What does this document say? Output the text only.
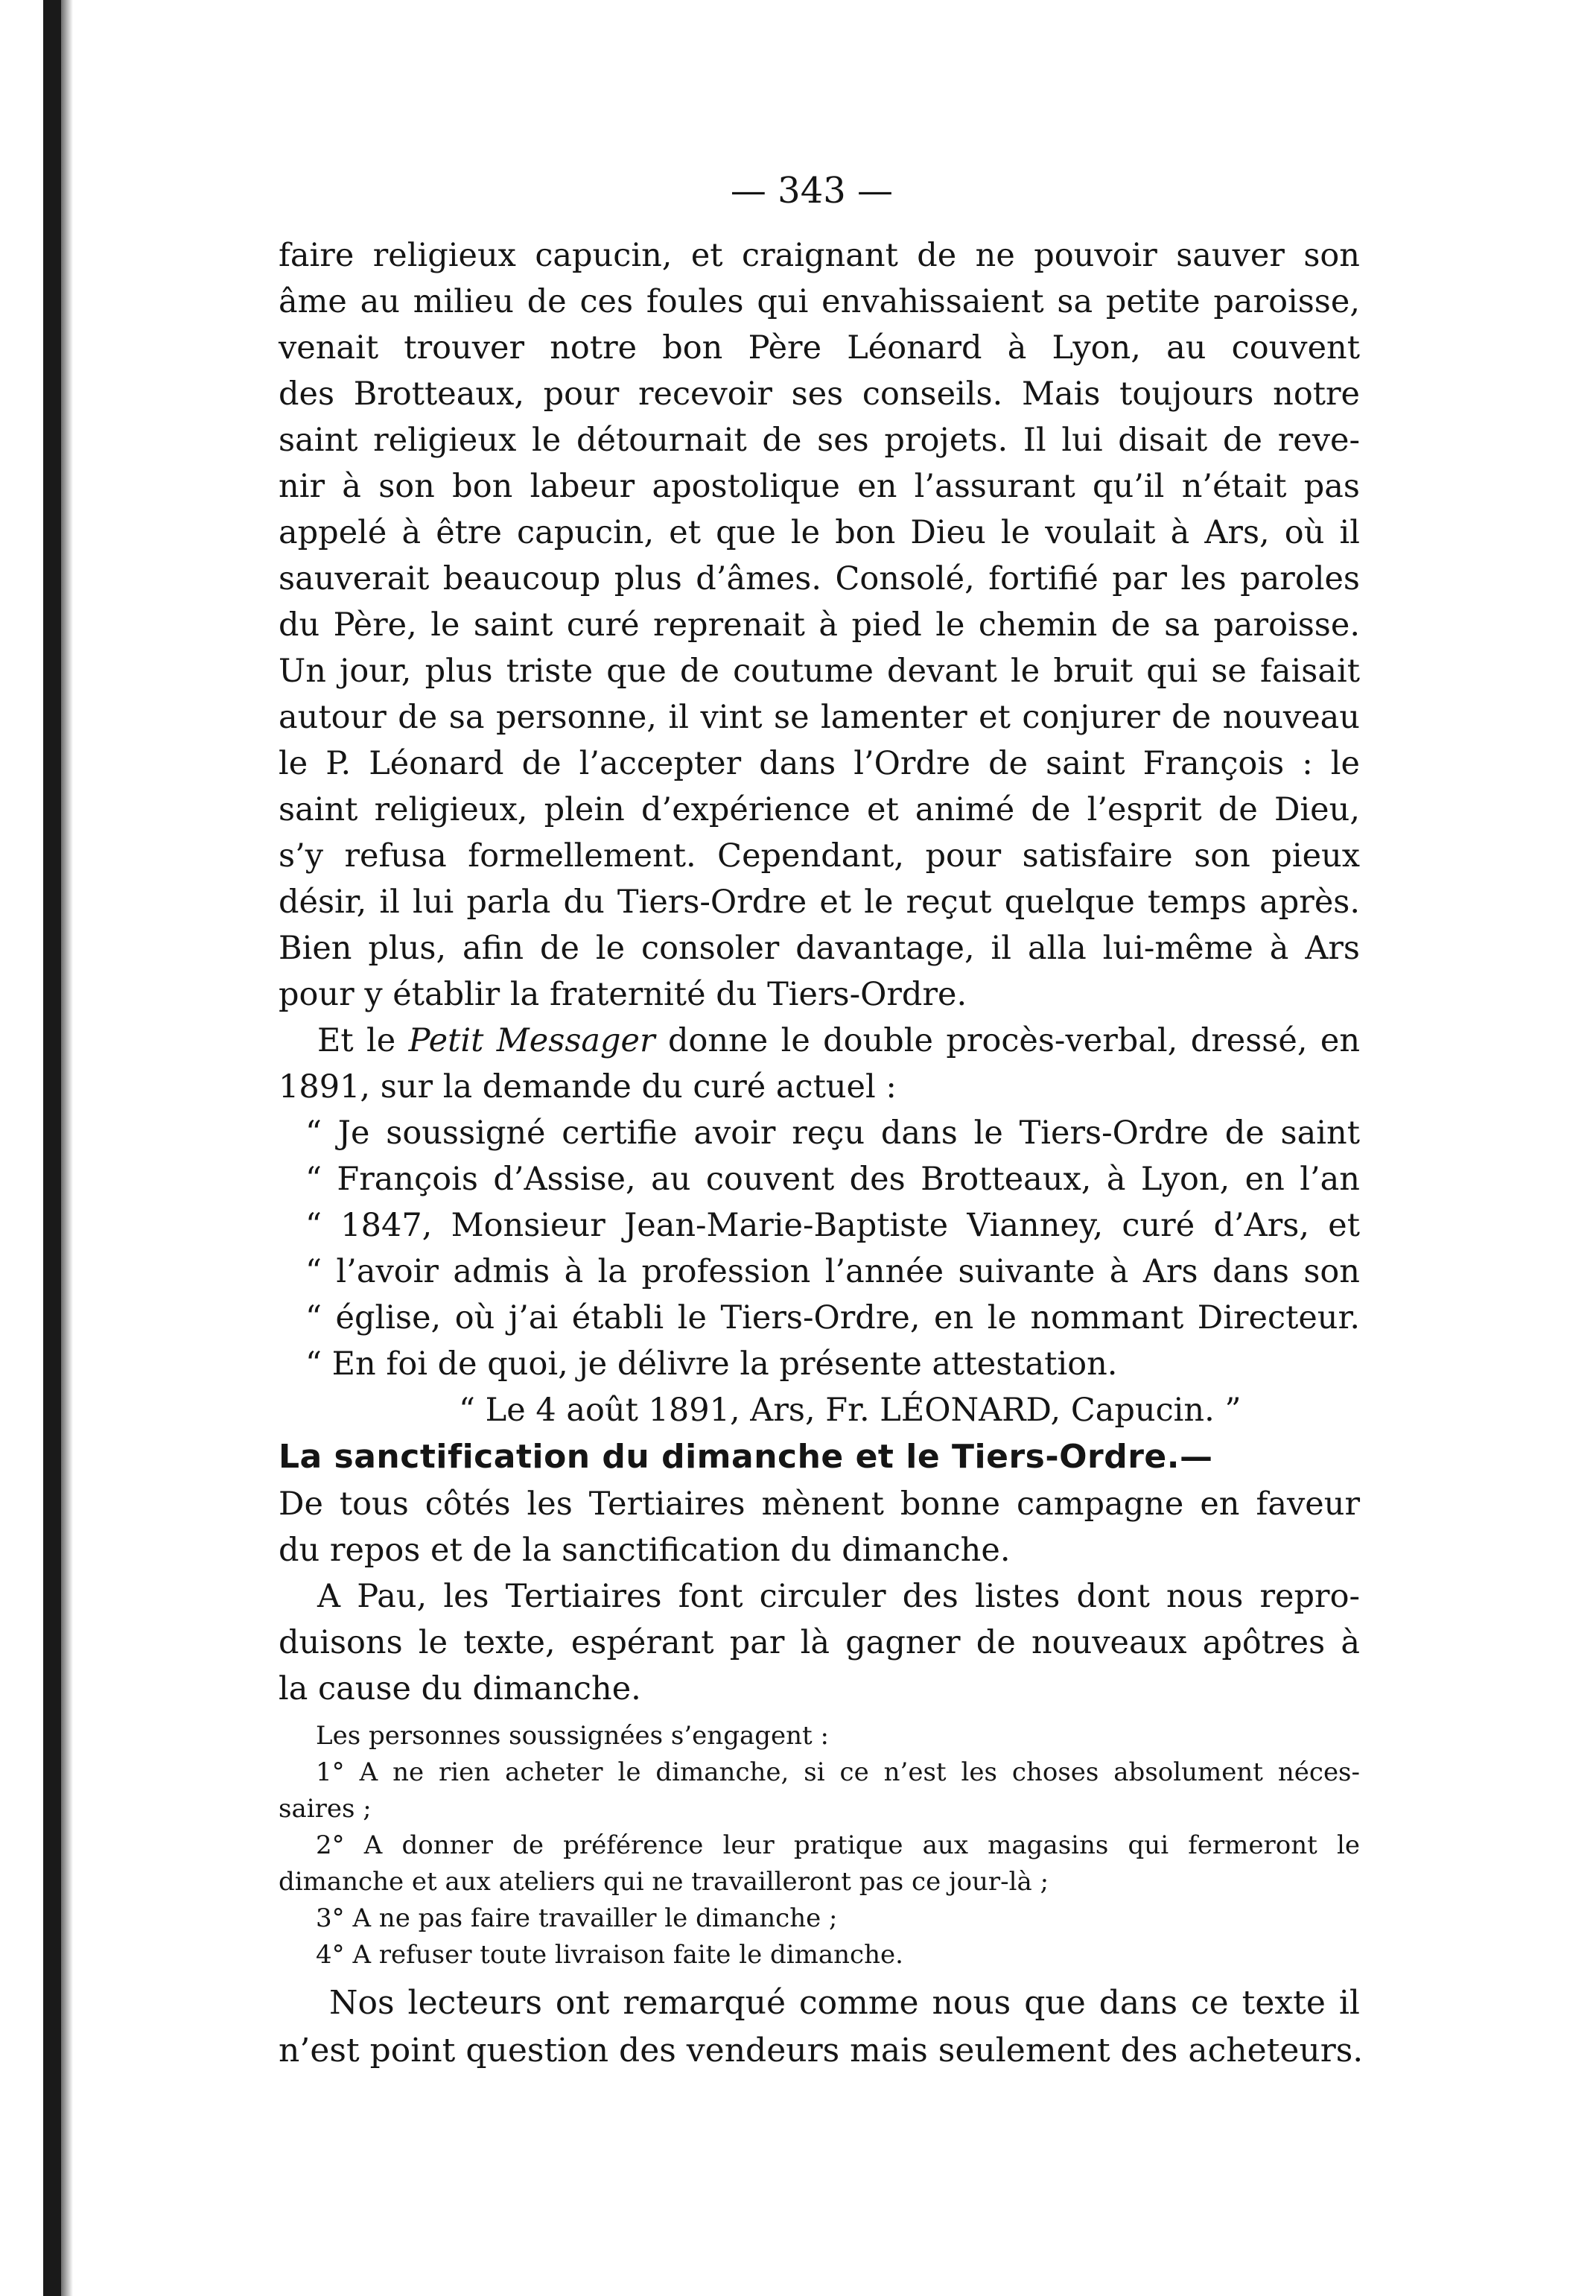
— 343 —

faire religieux capucin, et craignant de ne pouvoir sauver son

âme au milieu de ces foules qui envahissaient sa petite paroisse,

venait trouver notre bon Père Léonard à Lyon, au couvent

des Brotteaux, pour recevoir ses conseils. Mais toujours notre

saint religieux le détournait de ses projets. Il lui disait de reve-

nir à son bon labeur apostolique en l’assurant qu’il n’était pas

appelé à être capucin, et que le bon Dieu le voulait à Ars, où il

sauverait beaucoup plus d’âmes. Consolé, fortifié par les paroles

du Père, le saint curé reprenait à pied le chemin de sa paroisse.

Un jour, plus triste que de coutume devant le bruit qui se faisait

autour de sa personne, il vint se lamenter et conjurer de nouveau

le P. Léonard de l’accepter dans l’Ordre de saint François : le

saint religieux, plein d’expérience et animé de l’esprit de Dieu,

s’y refusa formellement. Cependant, pour satisfaire son pieux

désir, il lui parla du Tiers-Ordre et le reçut quelque temps après.

Bien plus, afin de le consoler davantage, il alla lui-même à Ars

pour y établir la fraternité du Tiers-Ordre.

Et le Petit Messager donne le double procès-verbal, dressé, en

1891, sur la demande du curé actuel :

“ Je soussigné certifie avoir reçu dans le Tiers-Ordre de saint

“ François d’Assise, au couvent des Brotteaux, à Lyon, en l’an

“ 1847, Monsieur Jean-Marie-Baptiste Vianney, curé d’Ars, et

“ l’avoir admis à la profession l’année suivante à Ars dans son

“ église, où j’ai établi le Tiers-Ordre, en le nommant Directeur.

“ En foi de quoi, je délivre la présente attestation.

“ Le 4 août 1891, Ars, Fr. LÉONARD, Capucin. ”

La sanctification du dimanche et le Tiers-Ordre.—

De tous côtés les Tertiaires mènent bonne campagne en faveur

du repos et de la sanctification du dimanche.

A Pau, les Tertiaires font circuler des listes dont nous repro-

duisons le texte, espérant par là gagner de nouveaux apôtres à

la cause du dimanche.

Les personnes soussignées s’engagent :

1° A ne rien acheter le dimanche, si ce n’est les choses absolument néces-

saires ;

2° A donner de préférence leur pratique aux magasins qui fermeront le

dimanche et aux ateliers qui ne travailleront pas ce jour-là ;

3° A ne pas faire travailler le dimanche ;

4° A refuser toute livraison faite le dimanche.

Nos lecteurs ont remarqué comme nous que dans ce texte il

n’est point question des vendeurs mais seulement des acheteurs.
